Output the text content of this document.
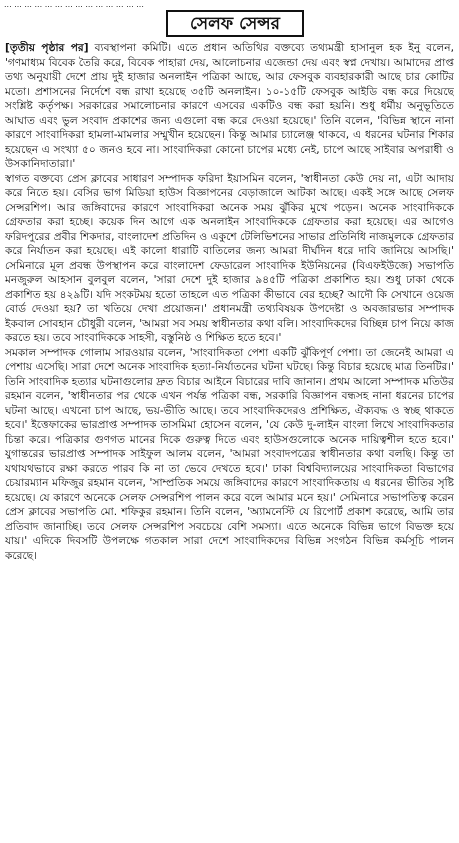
... ... ... ... ... ... ... ... ... ... ... ... ... ...
সেলফ সেন্সর

[তৃতীয় পৃষ্ঠার পর] ব্যবস্থাপনা কমিটি। এতে প্রধান অতিথির বক্তব্যে তথ্যমন্ত্রী হাসানুল হক ইনু বলেন, 'গণমাধ্যম বিবেক তৈরি করে, বিবেক পাহারা দেয়, আলোচনার এজেন্ডা দেয় এবং স্বপ্ন দেখায়। আমাদের প্রাপ্ত তথ্য অনুযায়ী দেশে প্রায় দুই হাজার অনলাইন পত্রিকা আছে, আর ফেসবুক ব্যবহারকারী আছে চার কোটির মতো। প্রশাসনের নির্দেশে বন্ধ রাখা হয়েছে ৩৫টি অনলাইন। ১০-১৫টি ফেসবুক আইডি বন্ধ করে দিয়েছে সংশ্লিষ্ট কর্তৃপক্ষ। সরকারের সমালোচনার কারণে এসবের একটিও বন্ধ করা হয়নি। শুধু ধর্মীয় অনুভূতিতে আঘাত এবং ভুল সংবাদ প্রকাশের জন্য এগুলো বন্ধ করে দেওয়া হয়েছে।' তিনি বলেন, 'বিভিন্ন স্থানে নানা কারণে সাংবাদিকরা হামলা-মামলার সম্মুখীন হয়েছেন। কিন্তু আমার চ্যালেঞ্জ থাকবে, এ ধরনের ঘটনার শিকার হয়েছেন এ সংখ্যা ৫০ জনও হবে না। সাংবাদিকরা কোনো চাপের মধ্যে নেই, চাপে আছে সাইবার অপরাধী ও উসকানিদাতারা।'

স্বাগত বক্তব্যে প্রেস ক্লাবের সাধারণ সম্পাদক ফরিদা ইয়াসমিন বলেন, 'স্বাধীনতা কেউ দেয় না, এটা আদায় করে নিতে হয়। বেসির ভাগ মিডিয়া হাউস বিজ্ঞাপনের বেড়াজালে আটকা আছে। একই সঙ্গে আছে সেলফ সেন্সরশিপ। আর জঙ্গিবাদের কারণে সাংবাদিকরা অনেক সময় ঝুঁকির মুখে পড়েন। অনেক সাংবাদিককে গ্রেফতার করা হচ্ছে। কয়েক দিন আগে এক অনলাইন সাংবাদিককে গ্রেফতার করা হয়েছে। এর আগেও ফরিদপুরের প্রবীর শিকদার, বাংলাদেশ প্রতিদিন ও একুশে টেলিভিশনের সাভার প্রতিনিধি নাজমুলকে গ্রেফতার করে নির্যাতন করা হয়েছে। এই কালো ধারাটি বাতিলের জন্য আমরা দীর্ঘদিন ধরে দাবি জানিয়ে আসছি।' সেমিনারে মূল প্রবন্ধ উপস্থাপন করে বাংলাদেশ ফেডারেল সাংবাদিক ইউনিয়নের (বিএফইউজে) সভাপতি মনজুরুল আহসান বুলবুল বলেন, 'সারা দেশে দুই হাজার ৯৪৫টি পত্রিকা প্রকাশিত হয়। শুধু ঢাকা থেকে প্রকাশিত হয় ৪২৯টি। যদি সংকটময় হতো তাহলে এত পত্রিকা কীভাবে বের হচ্ছে? আদৌ কি সেখানে ওয়েজ বোর্ড দেওয়া হয়? তা খতিয়ে দেখা প্রয়োজন।' প্রধানমন্ত্রী তথ্যবিষয়ক উপদেষ্টা ও অবজারভার সম্পাদক ইকবাল সোবহান চৌধুরী বলেন, 'আমরা সব সময় স্বাধীনতার কথা বলি। সাংবাদিকদের বিচ্ছিন্ন চাপ নিয়ে কাজ করতে হয়। তবে সাংবাদিককে সাহসী, বস্তুনিষ্ঠ ও শিক্ষিত হতে হবে।'

সমকাল সম্পাদক গোলাম সারওয়ার বলেন, 'সাংবাদিকতা পেশা একটি ঝুঁকিপূর্ণ পেশা। তা জেনেই আমরা এ পেশায় এসেছি। সারা দেশে অনেক সাংবাদিক হত্যা-নির্যাতনের ঘটনা ঘটছে। কিন্তু বিচার হয়েছে মাত্র তিনটির।' তিনি সাংবাদিক হত্যার ঘটনাগুলোর দ্রুত বিচার আইনে বিচারের দাবি জানান। প্রথম আলো সম্পাদক মতিউর রহমান বলেন, 'স্বাধীনতার পর থেকে এখন পর্যন্ত পত্রিকা বন্ধ, সরকারি বিজ্ঞাপন বন্ধসহ নানা ধরনের চাপের ঘটনা আছে। এখনো চাপ আছে, ভয়-ভীতি আছে। তবে সাংবাদিকদেরও প্রশিক্ষিত, ঐক্যবদ্ধ ও স্বচ্ছ থাকতে হবে।' ইত্তেফাকের ভারপ্রাপ্ত সম্পাদক তাসমিমা হোসেন বলেন, 'যে কেউ দু-লাইন বাংলা লিখে সাংবাদিকতার চিন্তা করে। পত্রিকার গুণগত মানের দিকে গুরুত্ব দিতে এবং হাউসগুলোকে অনেক দায়িত্বশীল হতে হবে।' যুগান্তরের ভারপ্রাপ্ত সম্পাদক সাইফুল আলম বলেন, 'আমরা সংবাদপত্রের স্বাধীনতার কথা বলছি। কিন্তু তা যথাযথভাবে রক্ষা করতে পারব কি না তা ভেবে দেখতে হবে।' ঢাকা বিশ্ববিদ্যালয়ের সাংবাদিকতা বিভাগের চেয়ারম্যান মফিজুর রহমান বলেন, 'সাম্প্রতিক সময়ে জঙ্গিবাদের কারণে সাংবাদিকতায় এ ধরনের ভীতির সৃষ্টি হয়েছে। যে কারণে অনেকে সেলফ সেন্সরশিপ পালন করে বলে আমার মনে হয়।' সেমিনারে সভাপতিত্ব করেন প্রেস ক্লাবের সভাপতি মো. শফিকুর রহমান। তিনি বলেন, 'অ্যামনেস্টি যে রিপোর্ট প্রকাশ করেছে, আমি তার প্রতিবাদ জানাচ্ছি। তবে সেলফ সেন্সরশিপ সবচেয়ে বেশি সমস্যা। এতে অনেকে বিভিন্ন ভাগে বিভক্ত হয়ে যায়।' এদিকে দিবসটি উপলক্ষে গতকাল সারা দেশে সাংবাদিকদের বিভিন্ন সংগঠন বিভিন্ন কর্মসূচি পালন করেছে।
